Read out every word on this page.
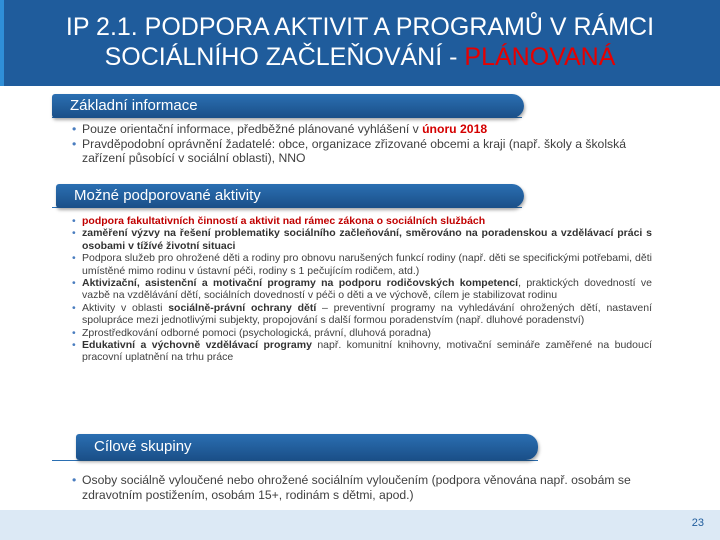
IP 2.1. PODPORA AKTIVIT A PROGRAMŮ V RÁMCI
SOCIÁLNÍHO ZAČLEŇOVÁNÍ - PLÁNOVANÁ
Základní informace
• Pouze orientační informace, předběžné plánované vyhlášení v únoru 2018
• Pravděpodobní oprávnění žadatelé: obce, organizace zřizované obcemi a kraji (např. školy a školská zařízení působící v sociální oblasti), NNO
Možné podporované aktivity
• podpora fakultativních činností a aktivit nad rámec zákona o sociálních službách
• zaměření výzvy na řešení problematiky sociálního začleňování, směrováno na poradenskou a vzdělávací práci s osobami v tížívé životní situaci
• Podpora služeb pro ohrožené děti a rodiny pro obnovu narušených funkcí rodiny (např. děti se specifickými potřebami, děti umístěné mimo rodinu v ústavní péči, rodiny s 1 pečujícím rodičem, atd.)
• Aktivizační, asistenční a motivační programy na podporu rodičovských kompetencí, praktických dovedností ve vazbě na vzdělávání dětí, sociálních dovedností v péči o děti a ve výchově, cílem je stabilizovat rodinu
• Aktivity v oblasti sociálně-právní ochrany dětí – preventivní programy na vyhledávání ohrožených dětí, nastavení spolupráce mezi jednotlivými subjekty, propojování s další formou poradenstvím (např. dluhové poradenství)
• Zprostředkování odborné pomoci (psychologická, právní, dluhová poradna)
• Edukativní a výchovně vzdělávací programy např. komunitní knihovny, motivační semináře zaměřené na budoucí pracovní uplatnění na trhu práce
Cílové skupiny
• Osoby sociálně vyloučené nebo ohrožené sociálním vyloučením (podpora věnována např. osobám se zdravotním postižením, osobám 15+, rodinám s dětmi, apod.)
23
